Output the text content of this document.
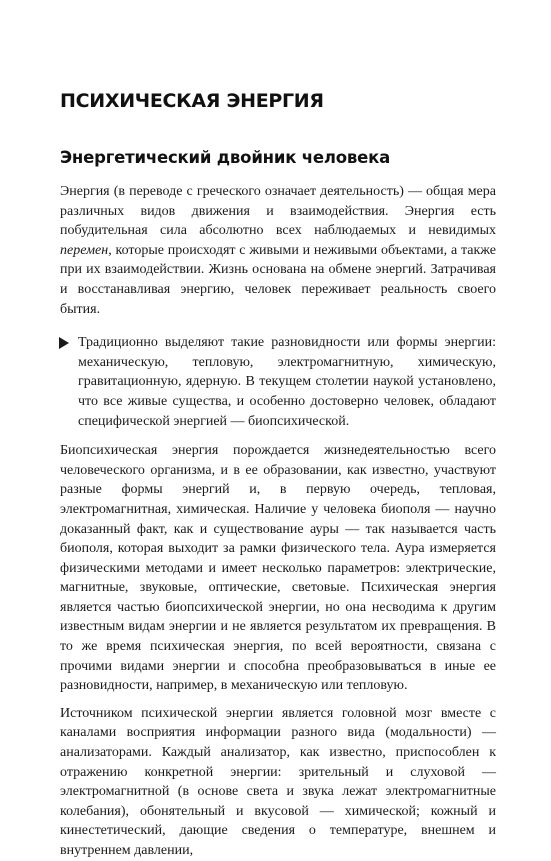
ПСИХИЧЕСКАЯ ЭНЕРГИЯ
Энергетический двойник человека

Энергия (в переводе с греческого означает деятельность) — общая мера различных видов движения и взаимодействия. Энергия есть побудительная сила абсолютно всех наблюдаемых и невидимых перемен, которые происходят с живыми и неживыми объектами, а также при их взаимодействии. Жизнь основана на обмене энергий. Затрачивая и восстанавливая энергию, человек переживает реальность своего бытия.

Традиционно выделяют такие разновидности или формы энергии: механическую, тепловую, электромагнитную, химическую, гравитационную, ядерную. В текущем столетии наукой установлено, что все живые существа, и особенно достоверно человек, обладают специфической энергией — биопсихической.

Биопсихическая энергия порождается жизнедеятельностью всего человеческого организма, и в ее образовании, как известно, участвуют разные формы энергий и, в первую очередь, тепловая, электромагнитная, химическая. Наличие у человека биополя — научно доказанный факт, как и существование ауры — так называется часть биополя, которая выходит за рамки физического тела. Аура измеряется физическими методами и имеет несколько параметров: электрические, магнитные, звуковые, оптические, световые. Психическая энергия является частью биопсихической энергии, но она несводима к другим известным видам энергии и не является результатом их превращения. В то же время психическая энергия, по всей вероятности, связана с прочими видами энергии и способна преобразовываться в иные ее разновидности, например, в механическую или тепловую.

Источником психической энергии является головной мозг вместе с каналами восприятия информации разного вида (модальности) — анализаторами. Каждый анализатор, как известно, приспособлен к отражению конкретной энергии: зрительный и слуховой — электромагнитной (в основе света и звука лежат электромагнитные колебания), обонятельный и вкусовой — химической; кожный и кинестетический, дающие сведения о температуре, внешнем и внутреннем давлении,
